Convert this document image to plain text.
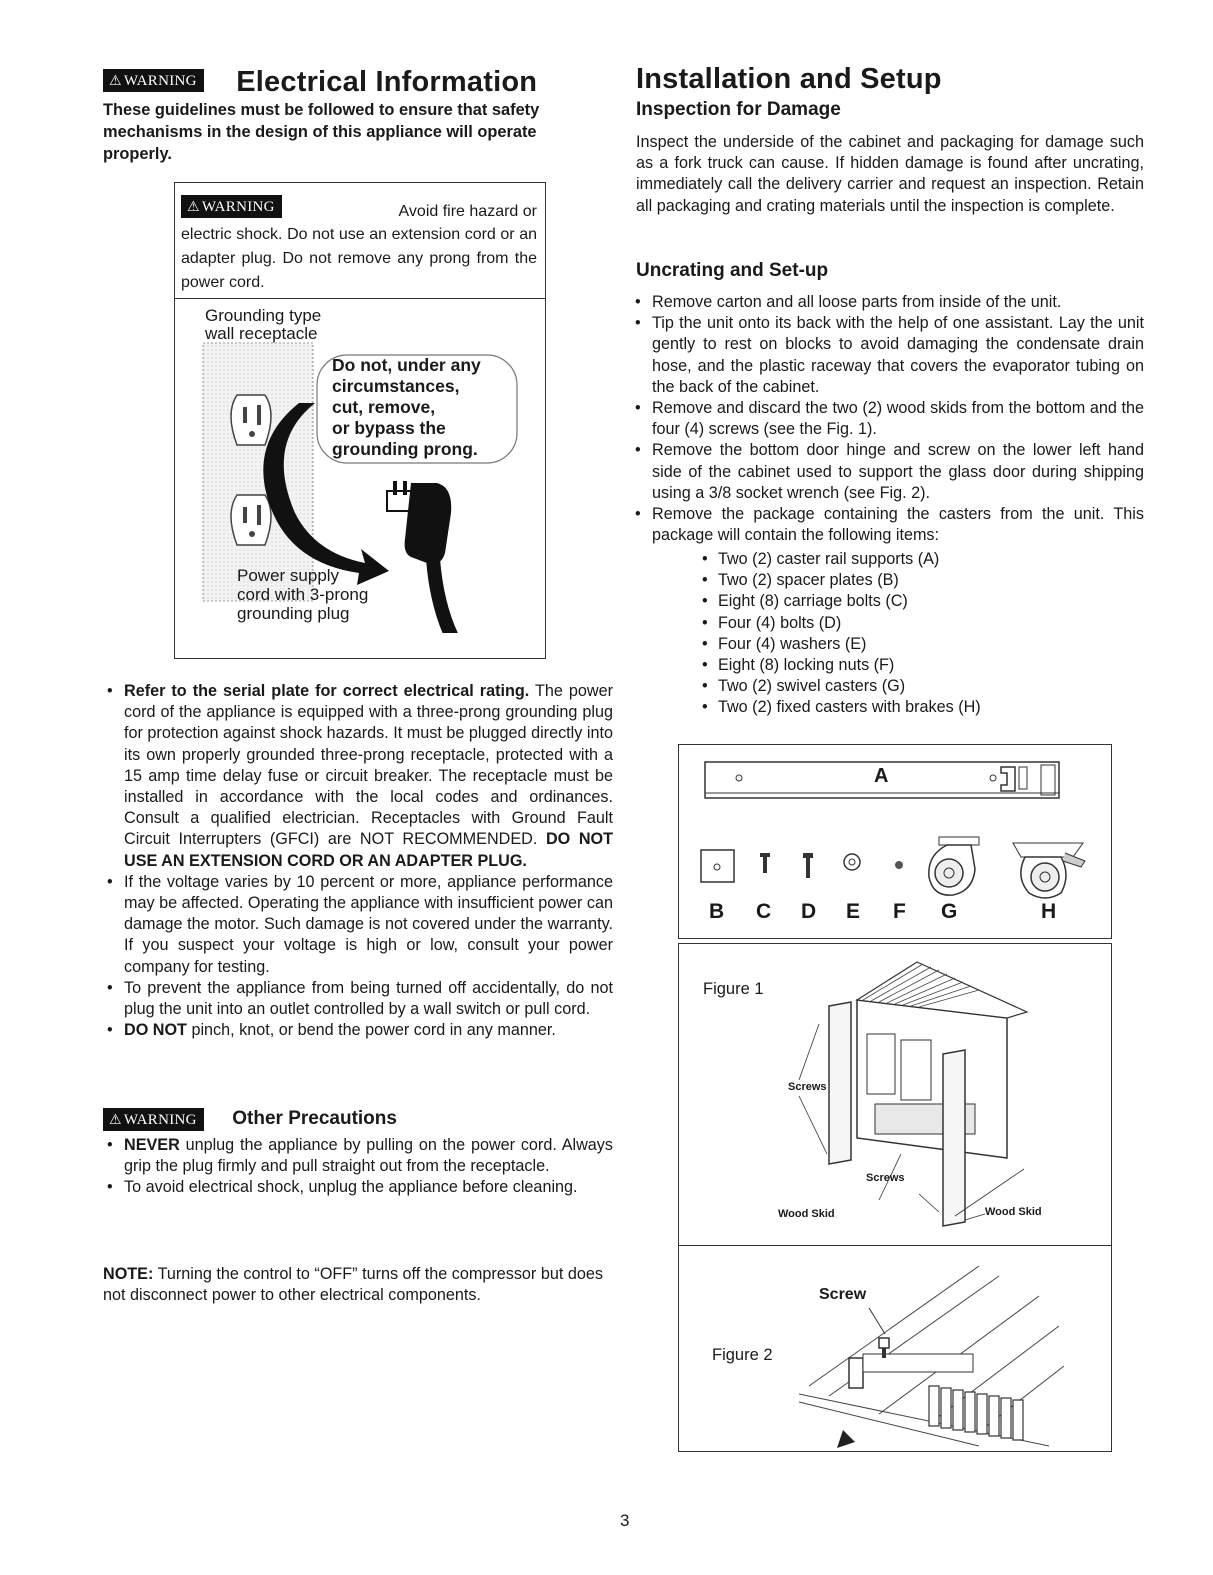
⚠ WARNING Electrical Information

These guidelines must be followed to ensure that safety mechanisms in the design of this appliance will operate properly.

⚠ WARNING	Avoid fire hazard or

electric shock. Do not use an extension cord or an adapter plug. Do not remove any prong from the power cord.

Grounding type
wall receptacle
Do not, under any
circumstances,
cut, remove,
or bypass the
grounding prong.
Power supply
cord with 3-prong
grounding plug
• Refer to the serial plate for correct electrical rating. The power cord of the appliance is equipped with a three-prong grounding plug for protection against shock hazards. It must be plugged directly into its own properly grounded three-prong receptacle, protected with a 15 amp time delay fuse or circuit breaker. The receptacle must be installed in accordance with the local codes and ordinances. Consult a qualified electrician. Receptacles with Ground Fault Circuit Interrupters (GFCI) are NOT RECOMMENDED. DO NOT USE AN EXTENSION CORD OR AN ADAPTER PLUG.
• If the voltage varies by 10 percent or more, appliance performance may be affected. Operating the appliance with insufficient power can damage the motor. Such damage is not covered under the warranty. If you suspect your voltage is high or low, consult your power company for testing.
• To prevent the appliance from being turned off accidentally, do not plug the unit into an outlet controlled by a wall switch or pull cord.
• DO NOT pinch, knot, or bend the power cord in any manner.
⚠ WARNING Other Precautions
• NEVER unplug the appliance by pulling on the power cord. Always grip the plug firmly and pull straight out from the receptacle.
• To avoid electrical shock, unplug the appliance before cleaning.

NOTE: Turning the control to “OFF” turns off the compressor but does not disconnect power to other electrical components.

Installation and Setup
Inspection for Damage

Inspect the underside of the cabinet and packaging for damage such as a fork truck can cause. If hidden damage is found after uncrating, immediately call the delivery carrier and request an inspection. Retain all packaging and crating materials until the inspection is complete.

Uncrating and Set-up
• Remove carton and all loose parts from inside of the unit.
• Tip the unit onto its back with the help of one assistant. Lay the unit gently to rest on blocks to avoid damaging the condensate drain hose, and the plastic raceway that covers the evaporator tubing on the back of the cabinet.
• Remove and discard the two (2) wood skids from the bottom and the four (4) screws (see the Fig. 1).
• Remove the bottom door hinge and screw on the lower left hand side of the cabinet used to support the glass door during shipping using a 3/8 socket wrench (see Fig. 2).
• Remove the package containing the casters from the unit. This package will contain the following items:
• Two (2) caster rail supports (A)
• Two (2) spacer plates (B)
• Eight (8) carriage bolts (C)
• Four (4) bolts (D)
• Four (4) washers (E)
• Eight (8) locking nuts (F)
• Two (2) swivel casters (G)
• Two (2) fixed casters with brakes (H)
A
B C D E F G	H
Figure 1
Screws
Screws
Wood Skid	Wood Skid
Figure 2
Screw
3
